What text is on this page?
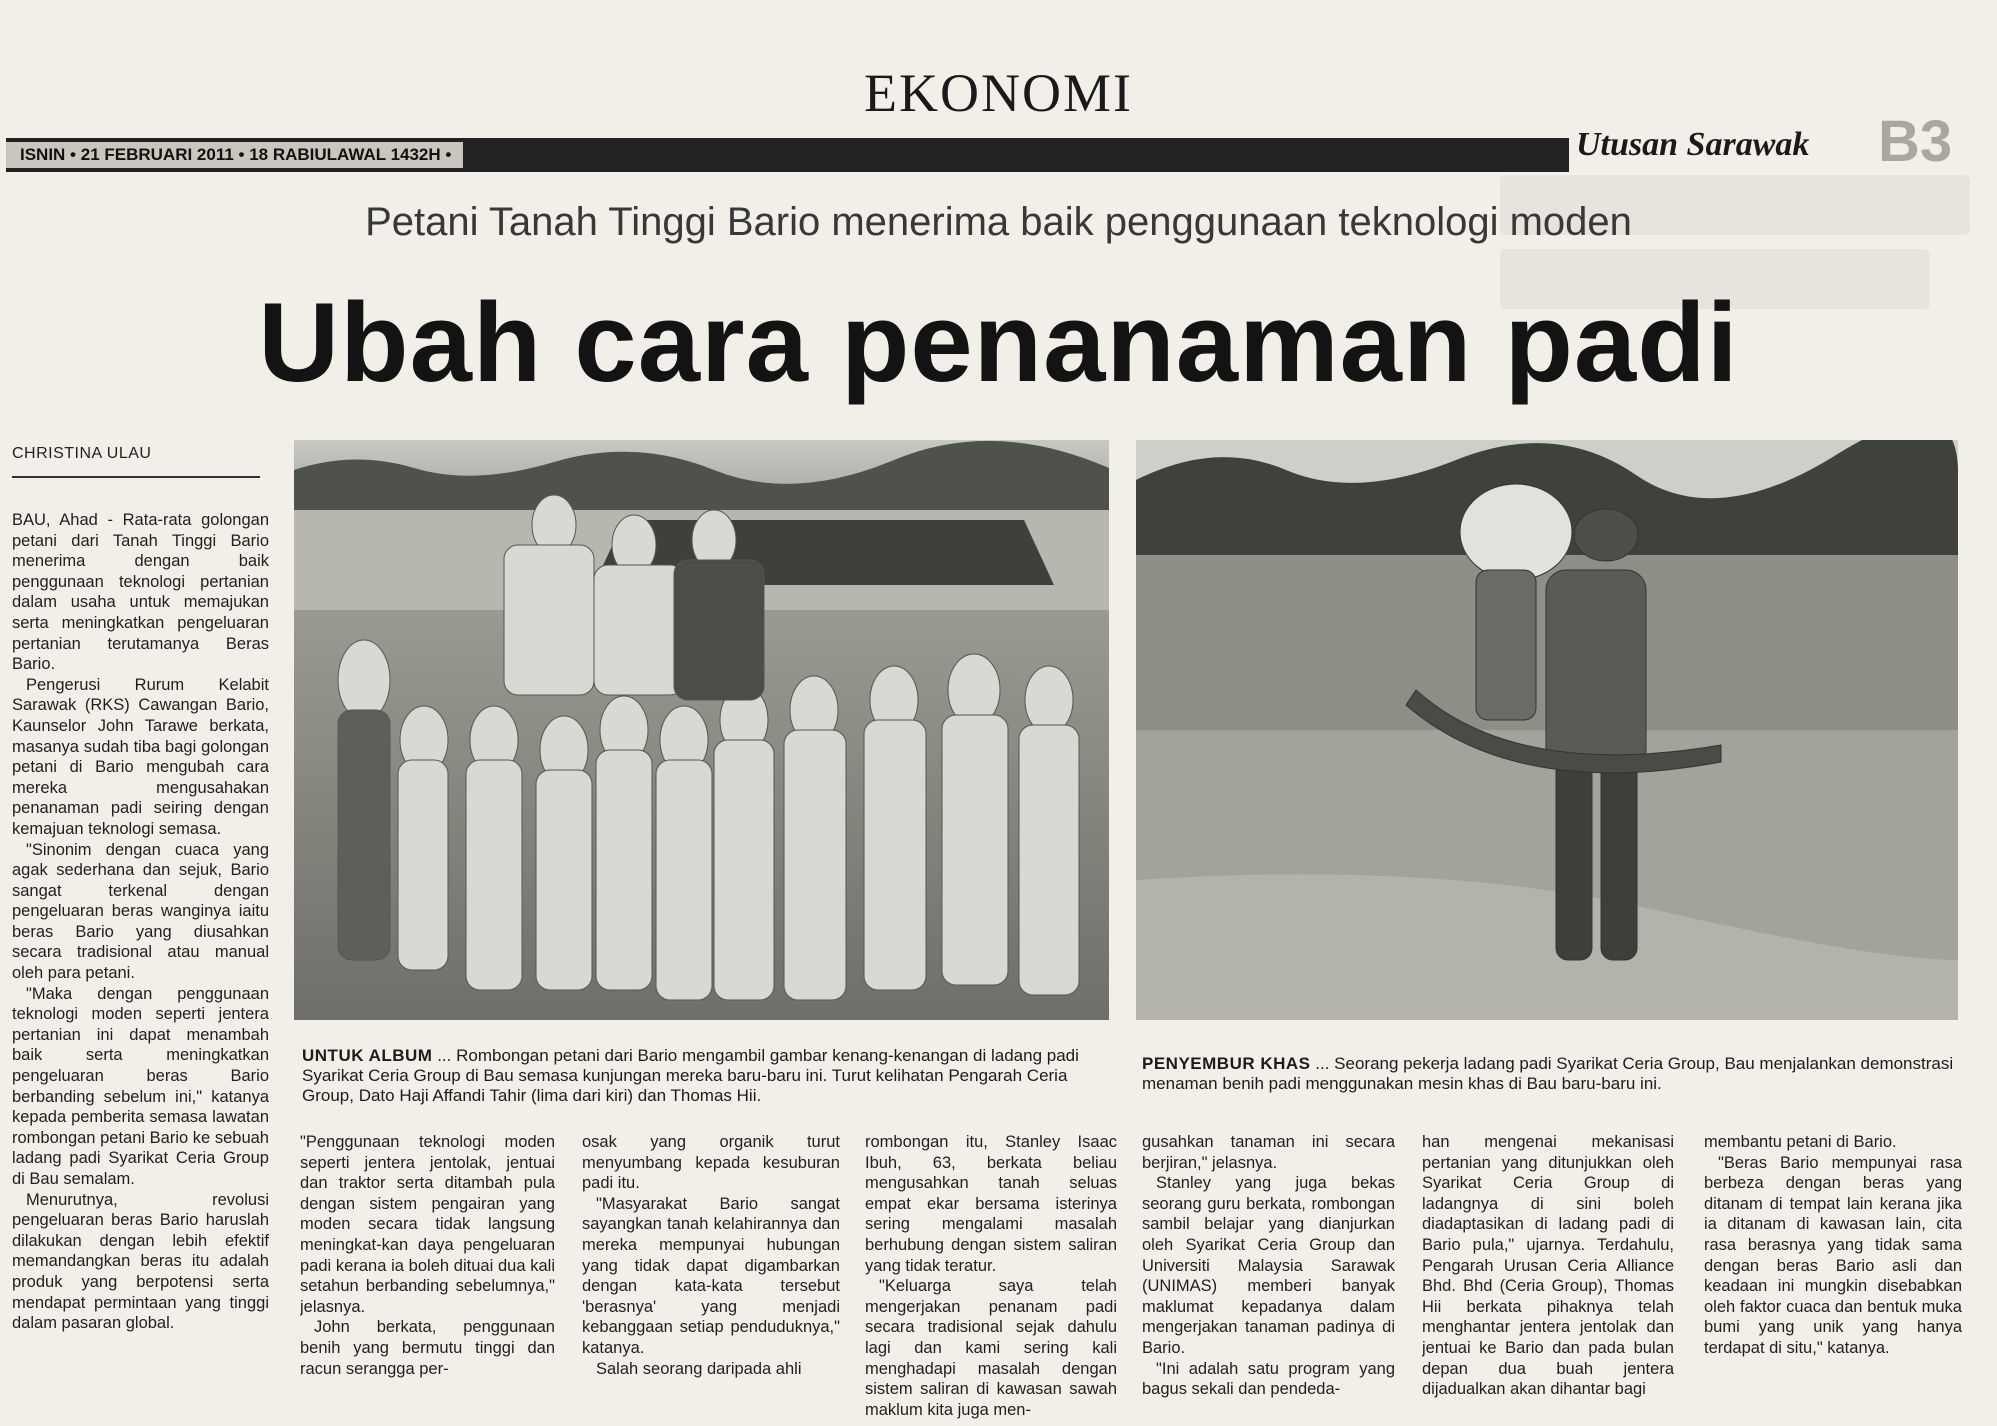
EKONOMI
ISNIN • 21 FEBRUARI 2011 • 18 RABIULAWAL 1432H •	Utusan Sarawak B3
Petani Tanah Tinggi Bario menerima baik penggunaan teknologi moden
Ubah cara penanaman padi
CHRISTINA ULAU

BAU, Ahad - Rata-rata golongan petani dari Tanah Tinggi Bario menerima dengan baik penggunaan teknologi pertanian dalam usaha untuk memajukan serta meningkatkan pengeluaran pertanian terutamanya Beras Bario.

Pengerusi Rurum Kelabit Sarawak (RKS) Cawangan Bario, Kaunselor John Tarawe berkata, masanya sudah tiba bagi golongan petani di Bario mengubah cara mereka mengusahakan penanaman padi seiring dengan kemajuan teknologi semasa.

"Sinonim dengan cuaca yang agak sederhana dan sejuk, Bario sangat terkenal dengan pengeluaran beras wanginya iaitu beras Bario yang diusahkan secara tradisional atau manual oleh para petani.

"Maka dengan penggunaan teknologi moden seperti jentera pertanian ini dapat menambah baik serta meningkatkan pengeluaran beras Bario berbanding sebelum ini," katanya kepada pemberita semasa lawatan rombongan petani Bario ke sebuah ladang padi Syarikat Ceria Group di Bau semalam.

Menurutnya, revolusi pengeluaran beras Bario haruslah dilakukan dengan lebih efektif memandangkan beras itu adalah produk yang berpotensi serta mendapat permintaan yang tinggi dalam pasaran global.

UNTUK ALBUM ... Rombongan petani dari Bario mengambil gambar kenang-kenangan di ladang padi Syarikat Ceria Group di Bau semasa kunjungan mereka baru-baru ini. Turut kelihatan Pengarah Ceria Group, Dato Haji Affandi Tahir (lima dari kiri) dan Thomas Hii.
PENYEMBUR KHAS ... Seorang pekerja ladang padi Syarikat Ceria Group, Bau menjalankan demonstrasi menaman benih padi menggunakan mesin khas di Bau baru-baru ini.

"Penggunaan teknologi moden seperti jentera jentolak, jentuai dan traktor serta ditambah pula dengan sistem pengairan yang moden secara tidak langsung meningkat-kan daya pengeluaran padi kerana ia boleh dituai dua kali setahun berbanding sebelumnya," jelasnya.

John berkata, penggunaan benih yang bermutu tinggi dan racun serangga per-

osak yang organik turut menyumbang kepada kesuburan padi itu.

"Masyarakat Bario sangat sayangkan tanah kelahirannya dan mereka mempunyai hubungan yang tidak dapat digambarkan dengan kata-kata tersebut 'berasnya' yang menjadi kebanggaan setiap penduduknya," katanya.

Salah seorang daripada ahli

rombongan itu, Stanley Isaac Ibuh, 63, berkata beliau mengusahkan tanah seluas empat ekar bersama isterinya sering mengalami masalah berhubung dengan sistem saliran yang tidak teratur.

"Keluarga saya telah mengerjakan penanam padi secara tradisional sejak dahulu lagi dan kami sering kali menghadapi masalah dengan sistem saliran di kawasan sawah maklum kita juga men-

gusahkan tanaman ini secara berjiran," jelasnya.

Stanley yang juga bekas seorang guru berkata, rombongan sambil belajar yang dianjurkan oleh Syarikat Ceria Group dan Universiti Malaysia Sarawak (UNIMAS) memberi banyak maklumat kepadanya dalam mengerjakan tanaman padinya di Bario.

"Ini adalah satu program yang bagus sekali dan pendeda-

han mengenai mekanisasi pertanian yang ditunjukkan oleh Syarikat Ceria Group di ladangnya di sini boleh diadaptasikan di ladang padi di Bario pula," ujarnya. Terdahulu, Pengarah Urusan Ceria Alliance Bhd. Bhd (Ceria Group), Thomas Hii berkata pihaknya telah menghantar jentera jentolak dan jentuai ke Bario dan pada bulan depan dua buah jentera dijadualkan akan dihantar bagi

membantu petani di Bario.

"Beras Bario mempunyai rasa berbeza dengan beras yang ditanam di tempat lain kerana jika ia ditanam di kawasan lain, cita rasa berasnya yang tidak sama dengan beras Bario asli dan keadaan ini mungkin disebabkan oleh faktor cuaca dan bentuk muka bumi yang unik yang hanya terdapat di situ," katanya.
